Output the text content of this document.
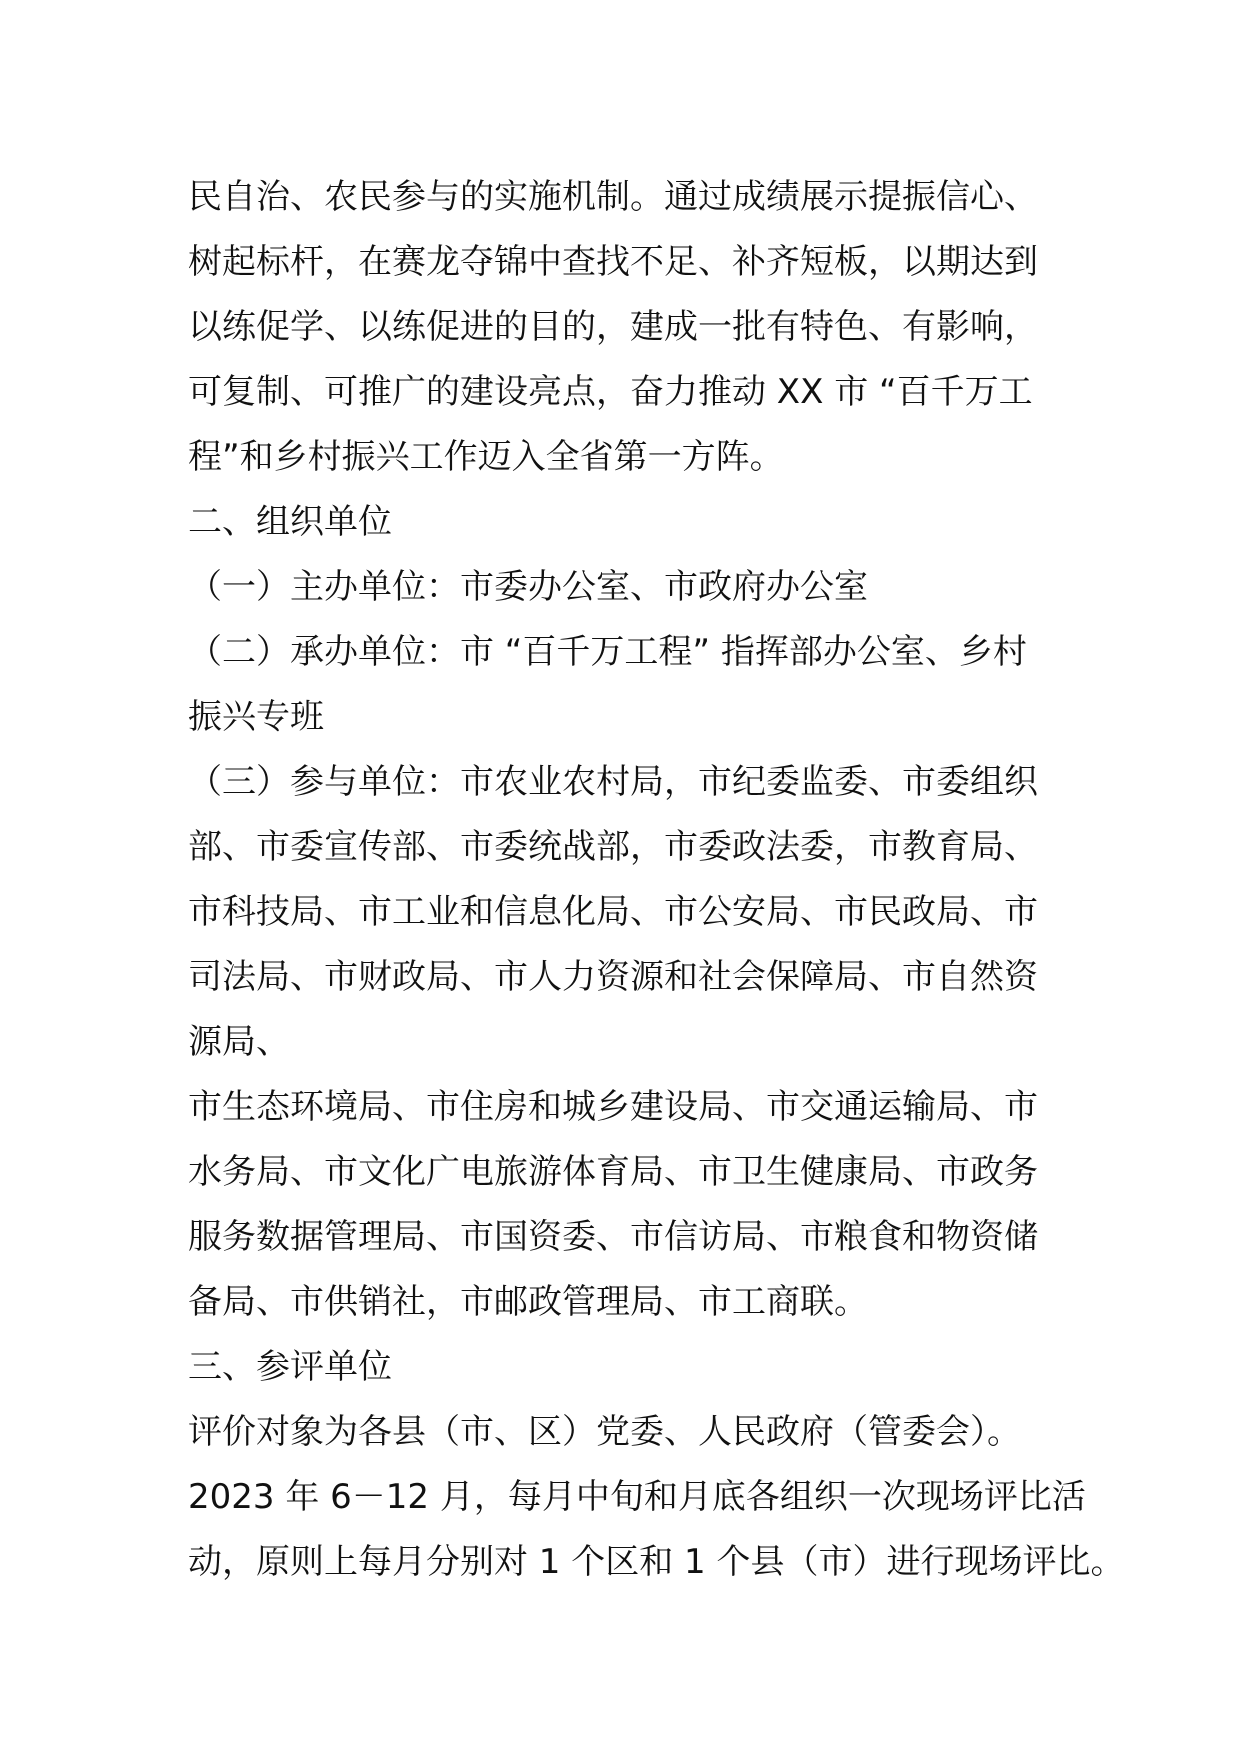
民自治、农民参与的实施机制。通过成绩展示提振信心、
树起标杆，在赛龙夺锦中查找不足、补齐短板，以期达到
以练促学、以练促进的目的，建成一批有特色、有影响，
可复制、可推广的建设亮点，奋力推动 XX 市 “百千万工
程”和乡村振兴工作迈入全省第一方阵。
二、组织单位
（一）主办单位：市委办公室、市政府办公室
（二）承办单位：市 “百千万工程” 指挥部办公室、乡村
振兴专班
（三）参与单位：市农业农村局，市纪委监委、市委组织
部、市委宣传部、市委统战部，市委政法委，市教育局、
市科技局、市工业和信息化局、市公安局、市民政局、市
司法局、市财政局、市人力资源和社会保障局、市自然资
源局、
市生态环境局、市住房和城乡建设局、市交通运输局、市
水务局、市文化广电旅游体育局、市卫生健康局、市政务
服务数据管理局、市国资委、市信访局、市粮食和物资储
备局、市供销社，市邮政管理局、市工商联。
三、参评单位
评价对象为各县（市、区）党委、人民政府（管委会）。
2023 年 6－12 月，每月中旬和月底各组织一次现场评比活
动，原则上每月分别对 1 个区和 1 个县（市）进行现场评比。
